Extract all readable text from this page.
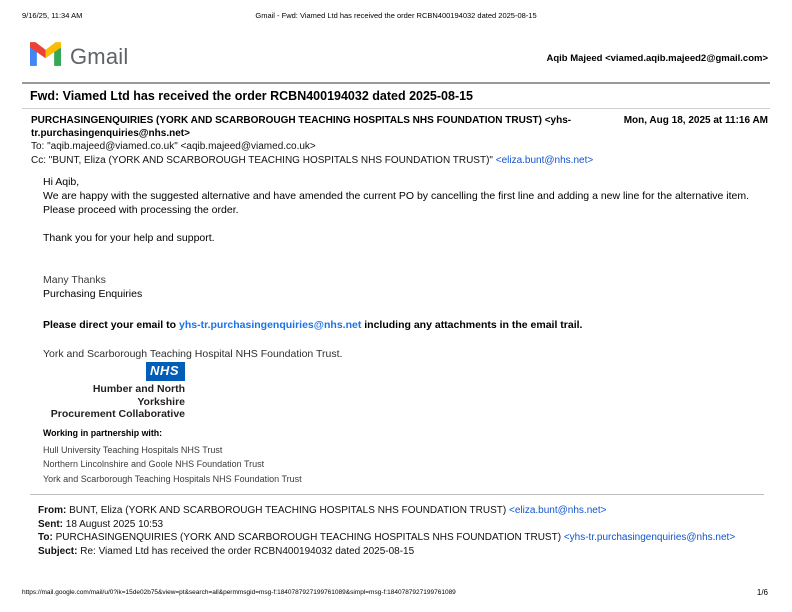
9/16/25, 11:34 AM	Gmail - Fwd: Viamed Ltd has received the order RCBN400194032 dated 2025-08-15
Gmail	Aqib Majeed <viamed.aqib.majeed2@gmail.com>
Fwd: Viamed Ltd has received the order RCBN400194032 dated 2025-08-15
PURCHASINGENQUIRIES (YORK AND SCARBOROUGH TEACHING HOSPITALS NHS FOUNDATION TRUST) <yhs-tr.purchasingenquiries@nhs.net>
Mon, Aug 18, 2025 at 11:16 AM
To: "aqib.majeed@viamed.co.uk" <aqib.majeed@viamed.co.uk>
Cc: "BUNT, Eliza (YORK AND SCARBOROUGH TEACHING HOSPITALS NHS FOUNDATION TRUST)" <eliza.bunt@nhs.net>
Hi Aqib,
We are happy with the suggested alternative and have amended the current PO by cancelling the first line and adding a new line for the alternative item. Please proceed with processing the order.
Thank you for your help and support.
Many Thanks
Purchasing Enquiries
Please direct your email to yhs-tr.purchasingenquiries@nhs.net including any attachments in the email trail.
York and Scarborough Teaching Hospital NHS Foundation Trust.
NHS
Humber and North Yorkshire
Procurement Collaborative
Working in partnership with:
Hull University Teaching Hospitals NHS Trust
Northern Lincolnshire and Goole NHS Foundation Trust
York and Scarborough Teaching Hospitals NHS Foundation Trust
From: BUNT, Eliza (YORK AND SCARBOROUGH TEACHING HOSPITALS NHS FOUNDATION TRUST) <eliza.bunt@nhs.net>
Sent: 18 August 2025 10:53
To: PURCHASINGENQUIRIES (YORK AND SCARBOROUGH TEACHING HOSPITALS NHS FOUNDATION TRUST) <yhs-tr.purchasingenquiries@nhs.net>
Subject: Re: Viamed Ltd has received the order RCBN400194032 dated 2025-08-15
https://mail.google.com/mail/u/0?ik=15de02b75&view=pt&search=all&permmsgid=msg-f:1840787927199761089&simpl=msg-f:1840787927199761089	1/6
